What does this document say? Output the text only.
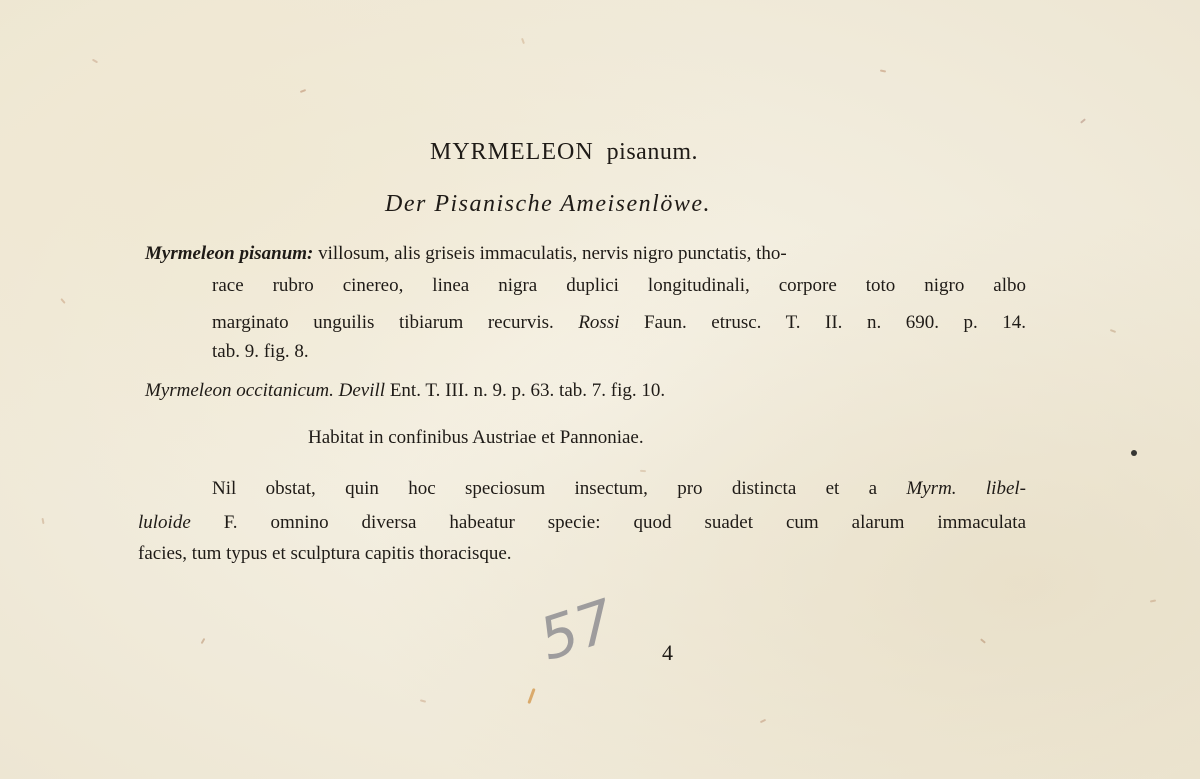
MYRMELEON pisanum.
Der Pisanische Ameisenlöwe.
Myrmeleon pisanum: villosum, alis griseis immaculatis, nervis nigro punctatis, tho-
race rubro cinereo, linea nigra duplici longitudinali, corpore toto nigro albo
marginato unguilis tibiarum recurvis. Rossi Faun. etrusc. T. II. n. 690. p. 14.
tab. 9. fig. 8.
Myrmeleon occitanicum. Devill Ent. T. III. n. 9. p. 63. tab. 7. fig. 10.
Habitat in confinibus Austriae et Pannoniae.
Nil obstat, quin hoc speciosum insectum, pro distincta et a Myrm. libel-
luloide F. omnino diversa habeatur specie: quod suadet cum alarum immaculata
facies, tum typus et sculptura capitis thoracisque.
57 4
